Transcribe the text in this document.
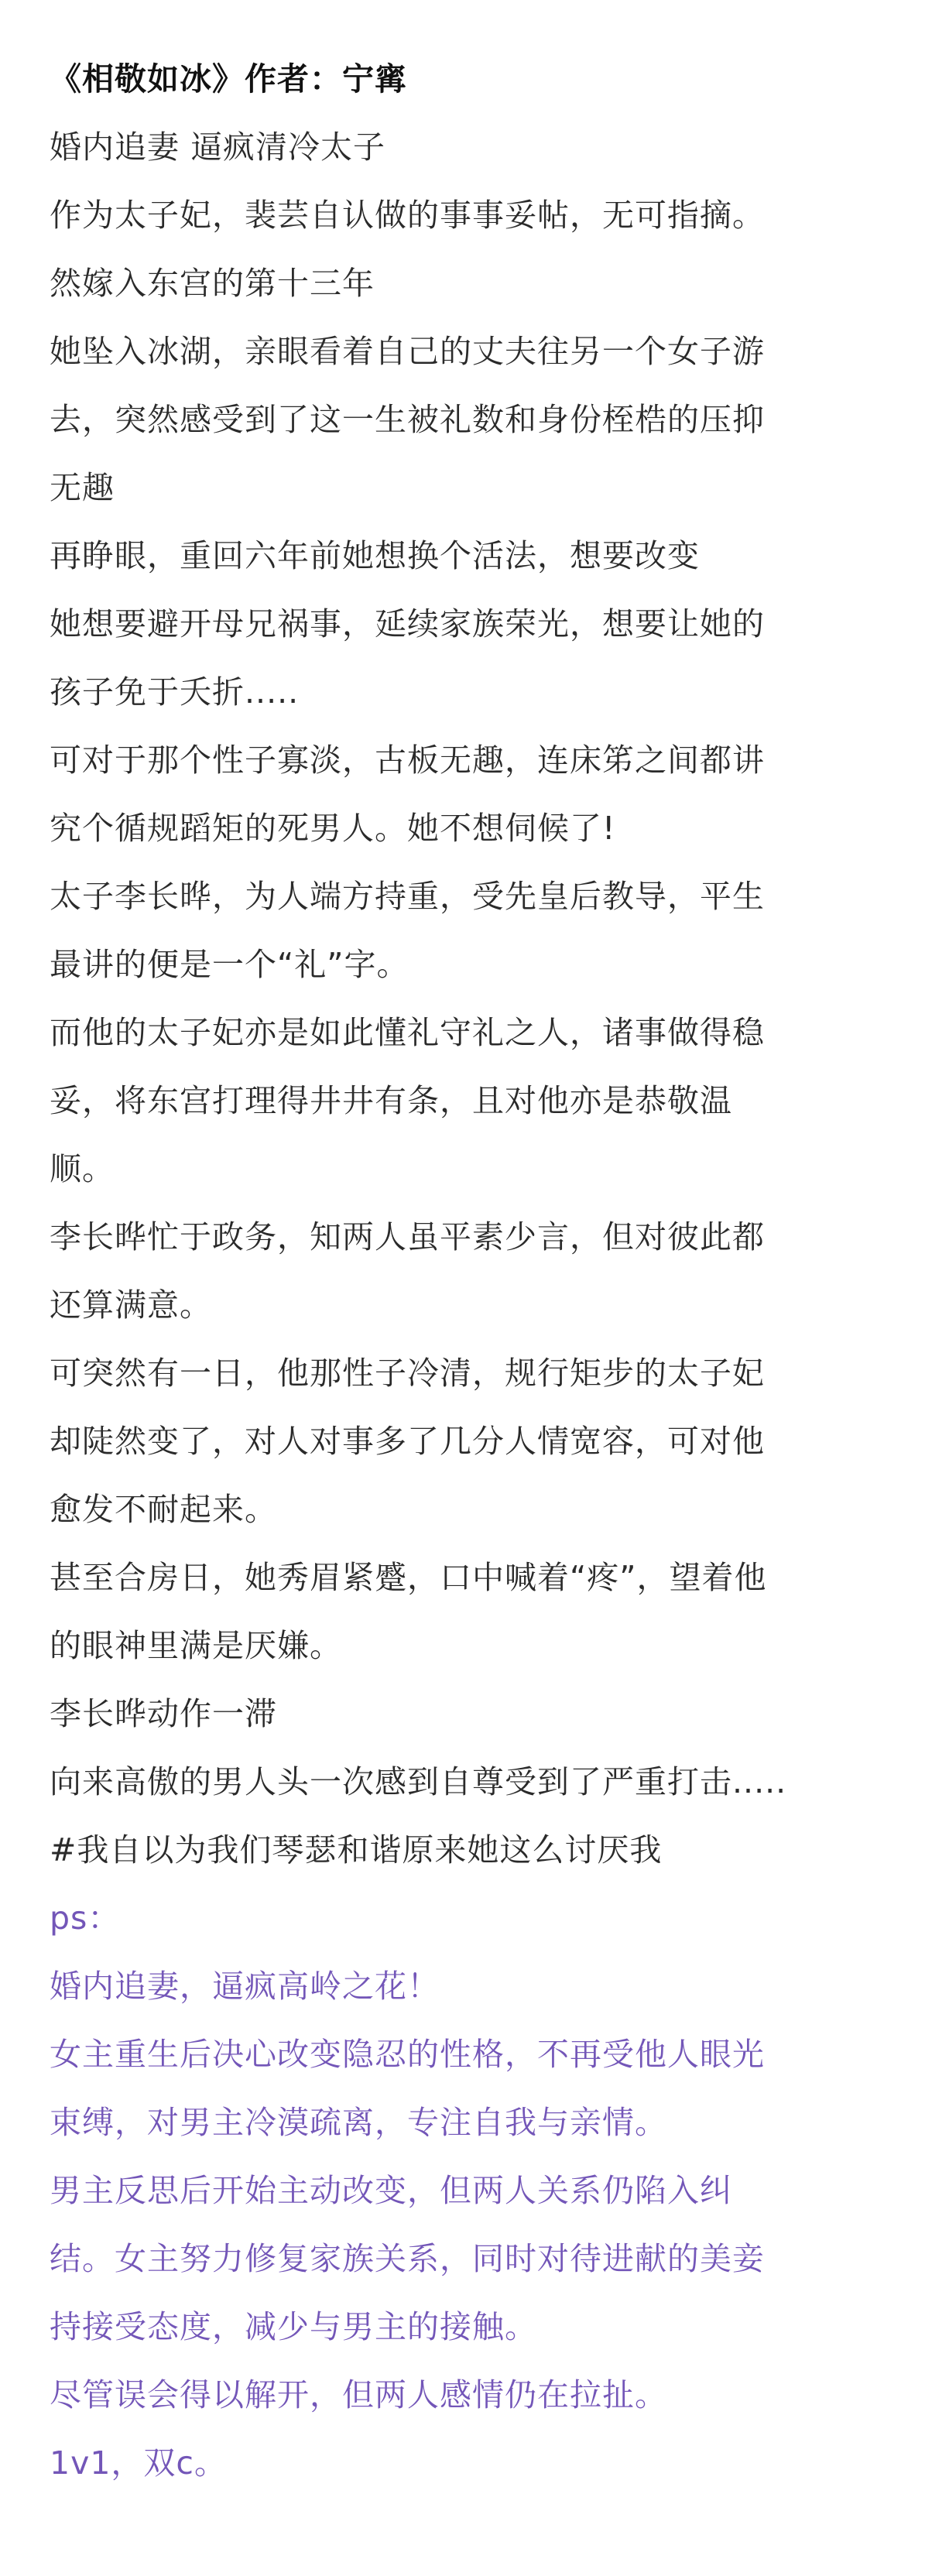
《相敬如冰》作者：宁寗
婚内追妻 逼疯清冷太子
作为太子妃，裴芸自认做的事事妥帖，无可指摘。
然嫁入东宫的第十三年
她坠入冰湖，亲眼看着自己的丈夫往另一个女子游
去，突然感受到了这一生被礼数和身份桎梏的压抑
无趣
再睁眼，重回六年前她想换个活法，想要改变
她想要避开母兄祸事，延续家族荣光，想要让她的
孩子免于夭折.....
可对于那个性子寡淡，古板无趣，连床笫之间都讲
究个循规蹈矩的死男人。她不想伺候了!
太子李长晔，为人端方持重，受先皇后教导，平生
最讲的便是一个“礼”字。
而他的太子妃亦是如此懂礼守礼之人，诸事做得稳
妥，将东宫打理得井井有条，且对他亦是恭敬温
顺。
李长晔忙于政务，知两人虽平素少言，但对彼此都
还算满意。
可突然有一日，他那性子冷清，规行矩步的太子妃
却陡然变了，对人对事多了几分人情宽容，可对他
愈发不耐起来。
甚至合房日，她秀眉紧蹙，口中喊着“疼”，望着他
的眼神里满是厌嫌。
李长晔动作一滞
向来高傲的男人头一次感到自尊受到了严重打击.....
#我自以为我们琴瑟和谐原来她这么讨厌我
ps：
婚内追妻，逼疯高岭之花！
女主重生后决心改变隐忍的性格，不再受他人眼光
束缚，对男主冷漠疏离，专注自我与亲情。
男主反思后开始主动改变，但两人关系仍陷入纠
结。女主努力修复家族关系，同时对待进献的美妾
持接受态度，减少与男主的接触。
尽管误会得以解开，但两人感情仍在拉扯。
1v1，双c。
